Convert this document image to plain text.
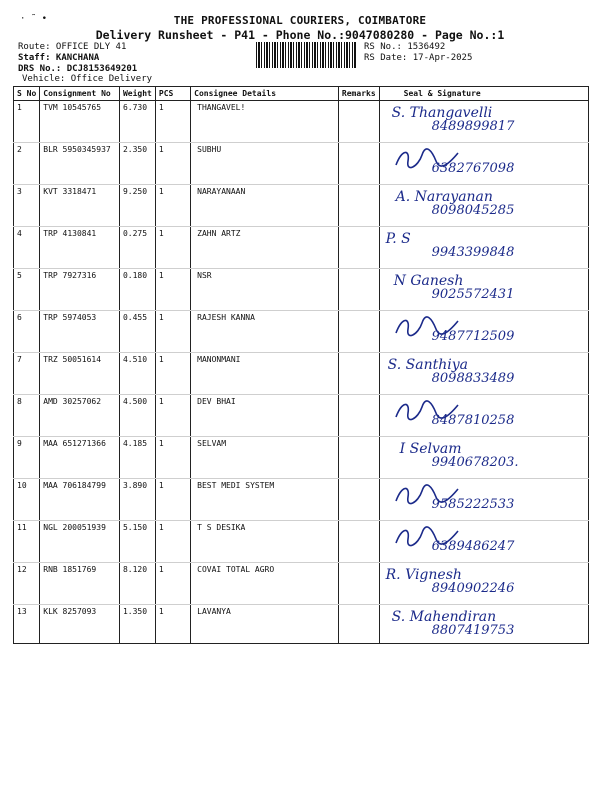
· ˜ •	THE PROFESSIONAL COURIERS, COIMBATORE
Delivery Runsheet - P41 - Phone No.:9047080280 - Page No.:1
Route: OFFICE DLY 41
Staff: KANCHANA
DRS No.: DCJ8153649201
Vehicle: Office Delivery
RS No.: 1536492
RS Date: 17-Apr-2025
S No	Consignment No	Weight	PCS	Consignee Details	Remarks	Seal & Signature
1	TVM 10545765	6.730	1	THANGAVEL!		S. Thangavelli
8489899817

2	BLR 5950345937	2.350	1	SUBHU		6382767098

3	KVT 3318471	9.250	1	NARAYANAAN		A. Narayanan
8098045285

4	TRP 4130841	0.275	1	ZAHN ARTZ		P. S
9943399848

5	TRP 7927316	0.180	1	NSR		N Ganesh
9025572431

6	TRP 5974053	0.455	1	RAJESH KANNA		9487712509

7	TRZ 50051614	4.510	1	MANONMANI		S. Santhiya
8098833489

8	AMD 30257062	4.500	1	DEV BHAI		8487810258

9	MAA 651271366	4.185	1	SELVAM		I Selvam
9940678203.

10	MAA 706184799	3.890	1	BEST MEDI SYSTEM		9585222533

11	NGL 200051939	5.150	1	T S DESIKA		6389486247

12	RNB 1851769	8.120	1	COVAI TOTAL AGRO		R. Vignesh
8940902246

13	KLK 8257093	1.350	1	LAVANYA		S. Mahendiran
8807419753
